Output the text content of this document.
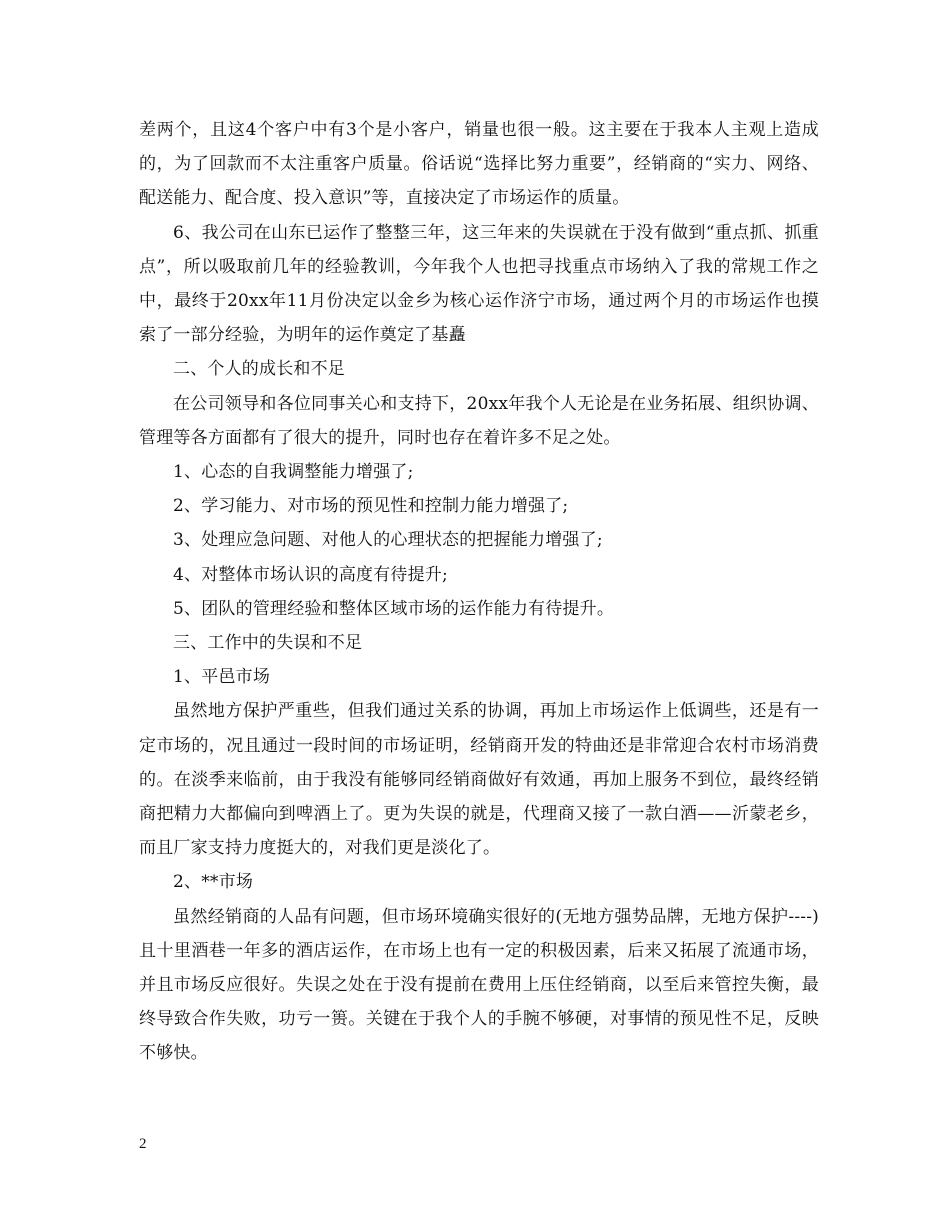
差两个，且这4个客户中有3个是小客户，销量也很一般。这主要在于我本人主观上造成的，为了回款而不太注重客户质量。俗话说“选择比努力重要”，经销商的“实力、网络、配送能力、配合度、投入意识”等，直接决定了市场运作的质量。

6、我公司在山东已运作了整整三年，这三年来的失误就在于没有做到“重点抓、抓重点”，所以吸取前几年的经验教训，今年我个人也把寻找重点市场纳入了我的常规工作之中，最终于20xx年11月份决定以金乡为核心运作济宁市场，通过两个月的市场运作也摸索了一部分经验，为明年的运作奠定了基矗

二、个人的成长和不足

在公司领导和各位同事关心和支持下，20xx年我个人无论是在业务拓展、组织协调、管理等各方面都有了很大的提升，同时也存在着许多不足之处。

1、心态的自我调整能力增强了;

2、学习能力、对市场的预见性和控制力能力增强了;

3、处理应急问题、对他人的心理状态的把握能力增强了;

4、对整体市场认识的高度有待提升;

5、团队的管理经验和整体区域市场的运作能力有待提升。

三、工作中的失误和不足

1、平邑市场

虽然地方保护严重些，但我们通过关系的协调，再加上市场运作上低调些，还是有一定市场的，况且通过一段时间的市场证明，经销商开发的特曲还是非常迎合农村市场消费的。在淡季来临前，由于我没有能够同经销商做好有效通，再加上服务不到位，最终经销商把精力大都偏向到啤酒上了。更为失误的就是，代理商又接了一款白酒——沂蒙老乡，而且厂家支持力度挺大的，对我们更是淡化了。

2、**市场

虽然经销商的人品有问题，但市场环境确实很好的(无地方强势品牌，无地方保护----)且十里酒巷一年多的酒店运作，在市场上也有一定的积极因素，后来又拓展了流通市场，并且市场反应很好。失误之处在于没有提前在费用上压住经销商，以至后来管控失衡，最终导致合作失败，功亏一篑。关键在于我个人的手腕不够硬，对事情的预见性不足，反映不够快。

2
